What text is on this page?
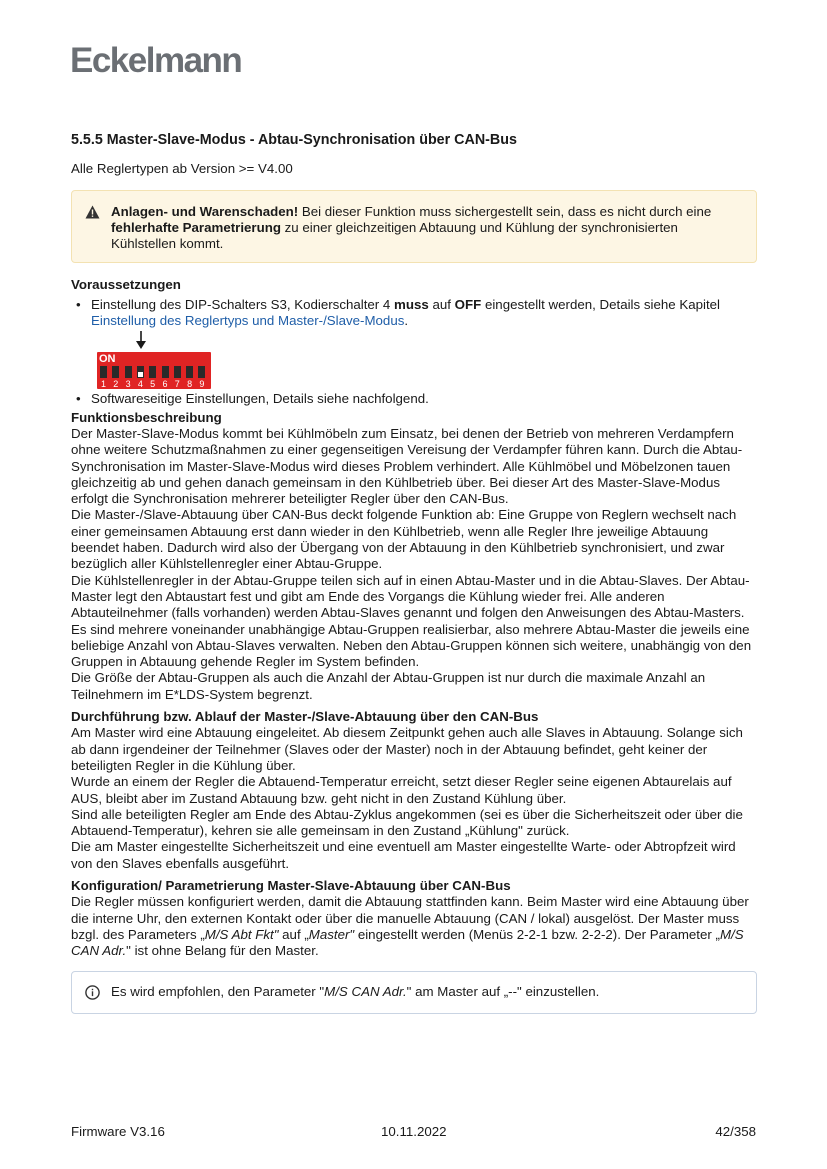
Eckelmann
5.5.5 Master-Slave-Modus - Abtau-Synchronisation über CAN-Bus

Alle Reglertypen ab Version >= V4.00

Anlagen- und Warenschaden! Bei dieser Funktion muss sichergestellt sein, dass es nicht durch eine fehlerhafte Parametrierung zu einer gleichzeitigen Abtauung und Kühlung der synchronisierten Kühlstellen kommt.

Voraussetzungen

• Einstellung des DIP-Schalters S3, Kodierschalter 4 muss auf OFF eingestellt werden, Details siehe Kapitel Einstellung des Reglertyps und Master-/Slave-Modus.
ON
1 2 3 4 5 6 7 8 9
• Softwareseitige Einstellungen, Details siehe nachfolgend.

Funktionsbeschreibung

Der Master-Slave-Modus kommt bei Kühlmöbeln zum Einsatz, bei denen der Betrieb von mehreren Verdampfern ohne weitere Schutzmaßnahmen zu einer gegenseitigen Vereisung der Verdampfer führen kann. Durch die Abtau-Synchronisation im Master-Slave-Modus wird dieses Problem verhindert. Alle Kühlmöbel und Möbelzonen tauen gleichzeitig ab und gehen danach gemeinsam in den Kühlbetrieb über. Bei dieser Art des Master-Slave-Modus erfolgt die Synchronisation mehrerer beteiligter Regler über den CAN-Bus.

Die Master-/Slave-Abtauung über CAN-Bus deckt folgende Funktion ab: Eine Gruppe von Reglern wechselt nach einer gemeinsamen Abtauung erst dann wieder in den Kühlbetrieb, wenn alle Regler Ihre jeweilige Abtauung beendet haben. Dadurch wird also der Übergang von der Abtauung in den Kühlbetrieb synchronisiert, und zwar bezüglich aller Kühlstellenregler einer Abtau-Gruppe.

Die Kühlstellenregler in der Abtau-Gruppe teilen sich auf in einen Abtau-Master und in die Abtau-Slaves. Der Abtau-Master legt den Abtaustart fest und gibt am Ende des Vorgangs die Kühlung wieder frei. Alle anderen Abtauteilnehmer (falls vorhanden) werden Abtau-Slaves genannt und folgen den Anweisungen des Abtau-Masters. Es sind mehrere voneinander unabhängige Abtau-Gruppen realisierbar, also mehrere Abtau-Master die jeweils eine beliebige Anzahl von Abtau-Slaves verwalten. Neben den Abtau-Gruppen können sich weitere, unabhängig von den Gruppen in Abtauung gehende Regler im System befinden.

Die Größe der Abtau-Gruppen als auch die Anzahl der Abtau-Gruppen ist nur durch die maximale Anzahl an Teilnehmern im E*LDS-System begrenzt.

Durchführung bzw. Ablauf der Master-/Slave-Abtauung über den CAN-Bus

Am Master wird eine Abtauung eingeleitet. Ab diesem Zeitpunkt gehen auch alle Slaves in Abtauung. Solange sich ab dann irgendeiner der Teilnehmer (Slaves oder der Master) noch in der Abtauung befindet, geht keiner der beteiligten Regler in die Kühlung über.

Wurde an einem der Regler die Abtauend-Temperatur erreicht, setzt dieser Regler seine eigenen Abtaurelais auf AUS, bleibt aber im Zustand Abtauung bzw. geht nicht in den Zustand Kühlung über.

Sind alle beteiligten Regler am Ende des Abtau-Zyklus angekommen (sei es über die Sicherheitszeit oder über die Abtauend-Temperatur), kehren sie alle gemeinsam in den Zustand „Kühlung" zurück.

Die am Master eingestellte Sicherheitszeit und eine eventuell am Master eingestellte Warte- oder Abtropfzeit wird von den Slaves ebenfalls ausgeführt.

Konfiguration/ Parametrierung Master-Slave-Abtauung über CAN-Bus

Die Regler müssen konfiguriert werden, damit die Abtauung stattfinden kann. Beim Master wird eine Abtauung über die interne Uhr, den externen Kontakt oder über die manuelle Abtauung (CAN / lokal) ausgelöst. Der Master muss bzgl. des Parameters „M/S Abt Fkt" auf „Master" eingestellt werden (Menüs 2-2-1 bzw. 2-2-2). Der Parameter „M/S CAN Adr." ist ohne Belang für den Master.

Es wird empfohlen, den Parameter "M/S CAN Adr." am Master auf „--" einzustellen.

Firmware V3.16	10.11.2022	42/358
